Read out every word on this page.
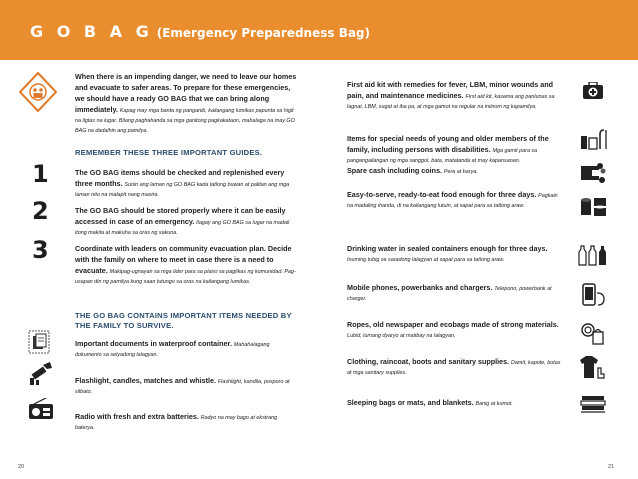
G O B A G (Emergency Preparedness Bag)
When there is an impending danger, we need to leave our homes and evacuate to safer areas. To prepare for these emergencies, we should have a ready GO BAG that we can bring along immediately. Kapag may mga banta ng panganib, kailangang lumikas papunta sa higit na ligtas na lugar. Bilang paghahanda sa mga ganitong pagkakataon, mahalaga na may GO BAG na dadalhin ang pamilya.
REMEMBER THESE THREE IMPORTANT GUIDES.
The GO BAG items should be checked and replenished every three months. Suriin ang laman ng GO BAG kada tatlong buwan at palitan ang mga laman nito na malapit nang masira.
The GO BAG should be stored properly where it can be easily accessed in case of an emergency. Ilagay ang GO BAG sa lugar na madali itong makita at makuha sa oras ng sakuna.
Coordinate with leaders on community evacuation plan. Decide with the family on where to meet in case there is a need to evacuate. Makipag-ugnayan sa mga lider para sa plano sa paglikas ng komunidad. Pag-usapan din ng pamilya kung saan tutungo sa oras na kailangang lumikas.
THE GO BAG CONTAINS IMPORTANT ITEMS NEEDED BY THE FAMILY TO SURVIVE.
Important documents in waterproof container. Mahahalagang dokumento sa selyadong lalagyan.
Flashlight, candles, matches and whistle. Flashlight, kandila, posporo at silbato.
Radio with fresh and extra batteries. Radyo na may bago at ekstrang baterya.
1
2
3
20
First aid kit with remedies for fever, LBM, minor wounds and pain, and maintenance medicines. First aid kit, kasama ang panlunas sa lagnat, LBM, sugat at iba pa, at mga gamot na regular na iniinom ng kapamilya.
Items for special needs of young and older members of the family, including persons with disabilities. Mga gamit para sa pangangailangan ng mga sanggol, bata, matatanda at may kapansanan.
Spare cash including coins. Pera at barya.
Easy-to-serve, ready-to-eat food enough for three days. Pagkain na madaling ihanda, di na kailangang lutuin, at sapat para sa tatlong araw.
Drinking water in sealed containers enough for three days. Inuming tubig sa saradong lalagyan at sapat para sa tatlong araw.
Mobile phones, powerbanks and chargers. Telepono, powerbank at charger.
Ropes, old newspaper and ecobags made of strong materials. Lubid, lumang dyaryo at matibay na lalagyan.
Clothing, raincoat, boots and sanitary supplies. Damit, kapote, botas at mga sanitary supplies.
Sleeping bags or mats, and blankets. Banig at kumot.
21
